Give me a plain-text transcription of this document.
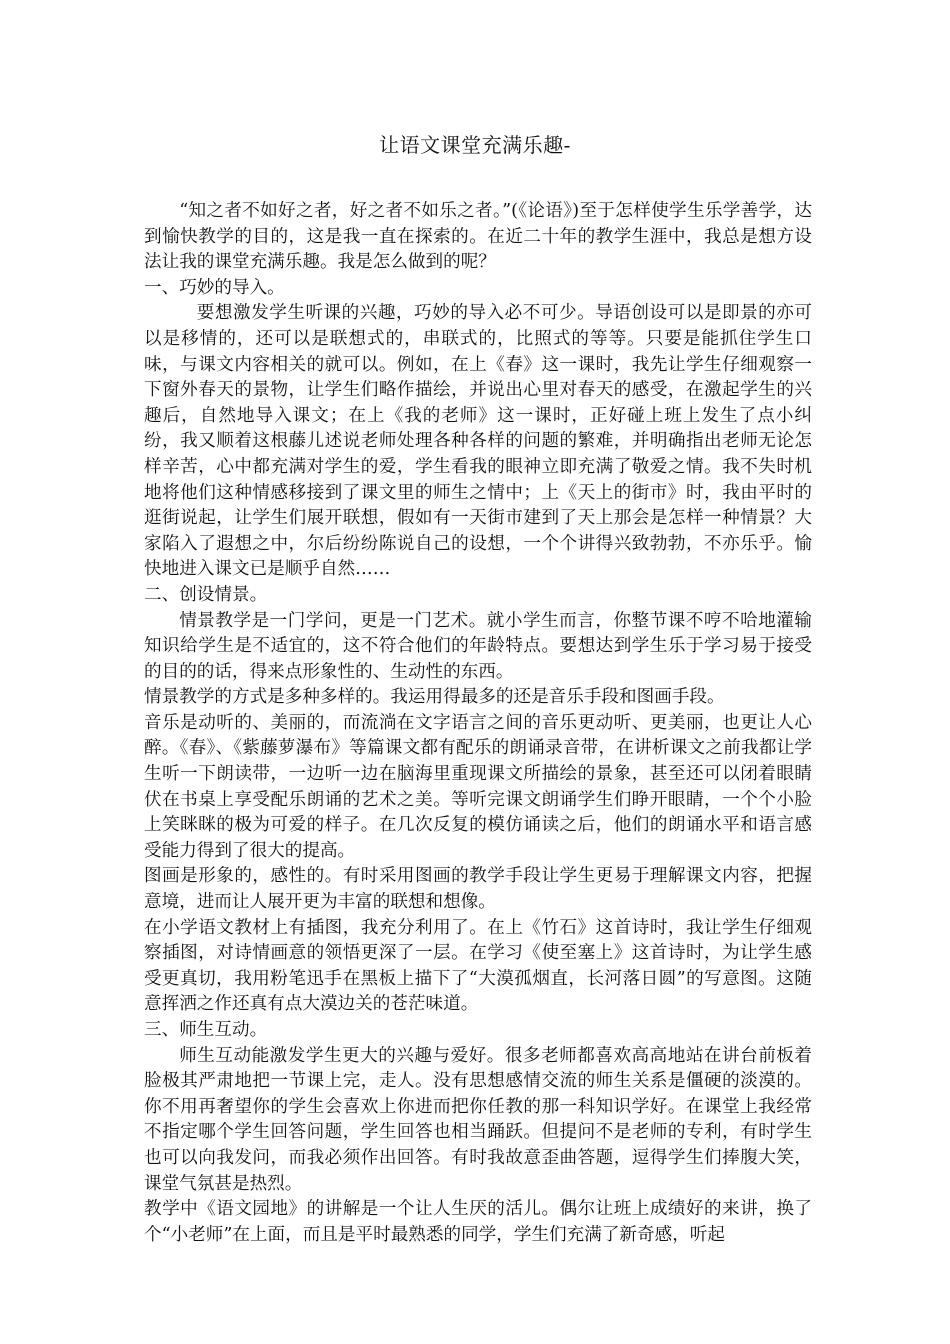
让语文课堂充满乐趣-

“知之者不如好之者，好之者不如乐之者。”(《论语》)至于怎样使学生乐学善学，达到愉快教学的目的，这是我一直在探索的。在近二十年的教学生涯中，我总是想方设法让我的课堂充满乐趣。我是怎么做到的呢？

一、巧妙的导入。

要想激发学生听课的兴趣，巧妙的导入必不可少。导语创设可以是即景的亦可以是移情的，还可以是联想式的，串联式的，比照式的等等。只要是能抓住学生口味，与课文内容相关的就可以。例如，在上《春》这一课时，我先让学生仔细观察一下窗外春天的景物，让学生们略作描绘，并说出心里对春天的感受，在激起学生的兴趣后，自然地导入课文；在上《我的老师》这一课时，正好碰上班上发生了点小纠纷，我又顺着这根藤儿述说老师处理各种各样的问题的繁难，并明确指出老师无论怎样辛苦，心中都充满对学生的爱，学生看我的眼神立即充满了敬爱之情。我不失时机地将他们这种情感移接到了课文里的师生之情中；上《天上的街市》时，我由平时的逛街说起，让学生们展开联想，假如有一天街市建到了天上那会是怎样一种情景？大家陷入了遐想之中，尔后纷纷陈说自己的设想，一个个讲得兴致勃勃，不亦乐乎。愉快地进入课文已是顺乎自然……

二、创设情景。

情景教学是一门学问，更是一门艺术。就小学生而言，你整节课不哼不哈地灌输知识给学生是不适宜的，这不符合他们的年龄特点。要想达到学生乐于学习易于接受的目的的话，得来点形象性的、生动性的东西。

情景教学的方式是多种多样的。我运用得最多的还是音乐手段和图画手段。

音乐是动听的、美丽的，而流淌在文字语言之间的音乐更动听、更美丽，也更让人心醉。《春》、《紫藤萝瀑布》等篇课文都有配乐的朗诵录音带，在讲析课文之前我都让学生听一下朗读带，一边听一边在脑海里重现课文所描绘的景象，甚至还可以闭着眼睛伏在书桌上享受配乐朗诵的艺术之美。等听完课文朗诵学生们睁开眼睛，一个个小脸上笑眯眯的极为可爱的样子。在几次反复的模仿诵读之后，他们的朗诵水平和语言感受能力得到了很大的提高。

图画是形象的，感性的。有时采用图画的教学手段让学生更易于理解课文内容，把握意境，进而让人展开更为丰富的联想和想像。

在小学语文教材上有插图，我充分利用了。在上《竹石》这首诗时，我让学生仔细观察插图，对诗情画意的领悟更深了一层。在学习《使至塞上》这首诗时，为让学生感受更真切，我用粉笔迅手在黑板上描下了“大漠孤烟直，长河落日圆”的写意图。这随意挥洒之作还真有点大漠边关的苍茫味道。

三、师生互动。

师生互动能激发学生更大的兴趣与爱好。很多老师都喜欢高高地站在讲台前板着脸极其严肃地把一节课上完，走人。没有思想感情交流的师生关系是僵硬的淡漠的。你不用再奢望你的学生会喜欢上你进而把你任教的那一科知识学好。在课堂上我经常不指定哪个学生回答问题，学生回答也相当踊跃。但提问不是老师的专利，有时学生也可以向我发问，而我必须作出回答。有时我故意歪曲答题，逗得学生们捧腹大笑，课堂气氛甚是热烈。

教学中《语文园地》的讲解是一个让人生厌的活儿。偶尔让班上成绩好的来讲，换了个“小老师”在上面，而且是平时最熟悉的同学，学生们充满了新奇感，听起
